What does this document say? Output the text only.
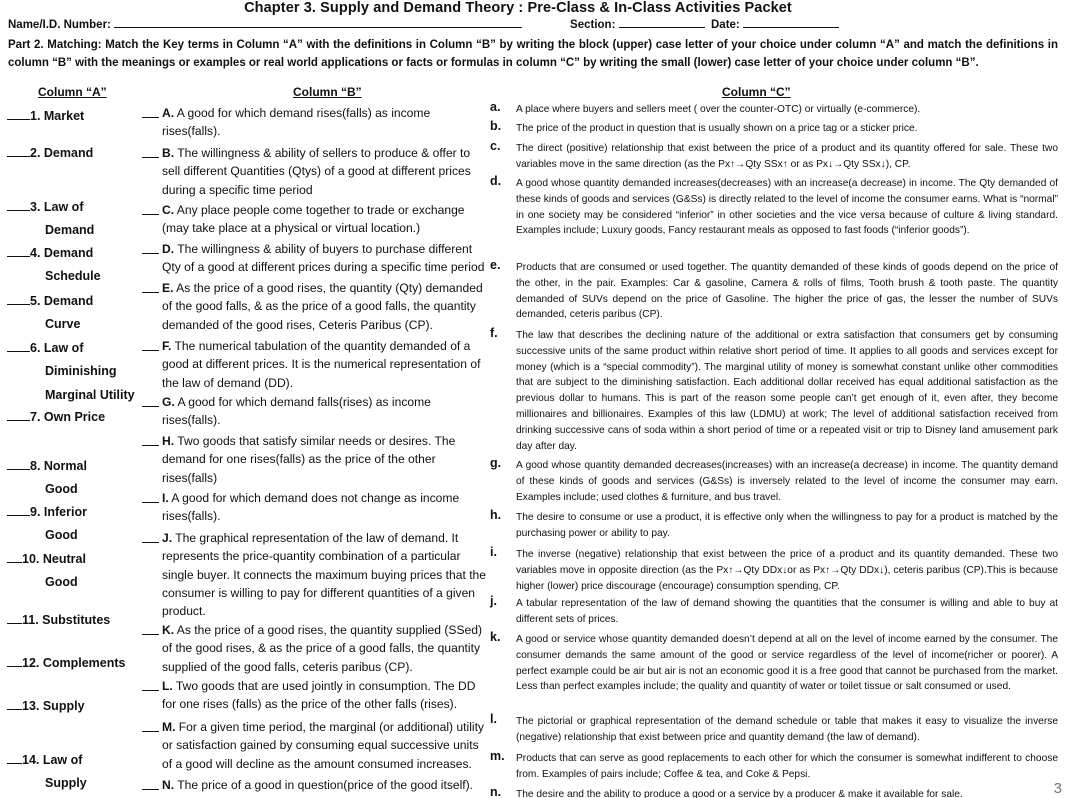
Chapter 3. Supply and Demand Theory : Pre-Class & In-Class Activities Packet
Name/I.D. Number:	Section:	Date:
Part 2. Matching: Match the Key terms in Column “A” with the definitions in Column “B” by writing the block (upper) case letter of your choice under column “A” and match the definitions in column “B” with the meanings or examples or real world applications or facts or formulas in column “C” by writing the small (lower) case letter of your choice under column “B”.
Column “A”	Column “B”	Column “C”
1. Market
2. Demand
3. Law of
Demand
4. Demand
Schedule
5. Demand
Curve
6. Law of
Diminishing
Marginal Utility
7. Own Price
8. Normal
Good
9. Inferior
Good
10. Neutral
Good
11. Substitutes
12. Complements
13. Supply
14. Law of
Supply
A. A good for which demand rises(falls) as income rises(falls).
B. The willingness & ability of sellers to produce & offer to sell different Quantities (Qtys) of a good at different prices during a specific time period
C. Any place people come together to trade or exchange (may take place at a physical or virtual location.)
D. The willingness & ability of buyers to purchase different Qty of a good at different prices during a specific time period
E. As the price of a good rises, the quantity (Qty) demanded of the good falls, & as the price of a good falls, the quantity demanded of the good rises, Ceteris Paribus (CP).
F. The numerical tabulation of the quantity demanded of a good at different prices. It is the numerical representation of the law of demand (DD).
G. A good for which demand falls(rises) as income rises(falls).
H. Two goods that satisfy similar needs or desires. The demand for one rises(falls) as the price of the other rises(falls)
I. A good for which demand does not change as income rises(falls).
J. The graphical representation of the law of demand. It represents the price-quantity combination of a particular single buyer. It connects the maximum buying prices that the consumer is willing to pay for different quantities of a given product.
K. As the price of a good rises, the quantity supplied (SSed) of the good rises, & as the price of a good falls, the quantity supplied of the good falls, ceteris paribus (CP).
L. Two goods that are used jointly in consumption. The DD for one rises (falls) as the price of the other falls (rises).
M. For a given time period, the marginal (or additional) utility or satisfaction gained by consuming equal successive units of a good will decline as the amount consumed increases.
N. The price of a good in question(price of the good itself).
a. A place where buyers and sellers meet ( over the counter-OTC) or virtually (e-commerce).
b. The price of the product in question that is usually shown on a price tag or a sticker price.
c. The direct (positive) relationship that exist between the price of a product and its quantity offered for sale. These two variables move in the same direction (as the Px↑→Qty SSx↑ or as Px↓→Qty SSx↓), CP.
d. A good whose quantity demanded increases(decreases) with an increase(a decrease) in income. The Qty demanded of these kinds of goods and services (G&Ss) is directly related to the level of income the consumer earns. What is “normal” in one society may be considered “inferior” in other societies and the vice versa because of culture & living standard. Examples include; Luxury goods, Fancy restaurant meals as opposed to fast foods (“inferior goods”).
e. Products that are consumed or used together. The quantity demanded of these kinds of goods depend on the price of the other, in the pair. Examples: Car & gasoline, Camera & rolls of films, Tooth brush & tooth paste. The quantity demanded of SUVs depend on the price of Gasoline. The higher the price of gas, the lesser the number of SUVs demanded, ceteris paribus (CP).
f. The law that describes the declining nature of the additional or extra satisfaction that consumers get by consuming successive units of the same product within relative short period of time. It applies to all goods and services except for money (which is a “special commodity”). The marginal utility of money is somewhat constant unlike other commodities that are subject to the diminishing satisfaction. Each additional dollar received has equal additional satisfaction as the previous dollar to humans. This is part of the reason some people can’t get enough of it, even after, they become millionaires and billionaires. Examples of this law (LDMU) at work; The level of additional satisfaction received from drinking successive cans of soda within a short period of time or a repeated visit or trip to Disney land amusement park day after day.
g. A good whose quantity demanded decreases(increases) with an increase(a decrease) in income. The quantity demand of these kinds of goods and services (G&Ss) is inversely related to the level of income the consumer may earn. Examples include; used clothes & furniture, and bus travel.
h. The desire to consume or use a product, it is effective only when the willingness to pay for a product is matched by the purchasing power or ability to pay.
i. The inverse (negative) relationship that exist between the price of a product and its quantity demanded. These two variables move in opposite direction (as the Px↑→Qty DDx↓or as Px↑→Qty DDx↓), ceteris paribus (CP).This is because higher (lower) price discourage (encourage) consumption spending, CP.
j. A tabular representation of the law of demand showing the quantities that the consumer is willing and able to buy at different sets of prices.
k. A good or service whose quantity demanded doesn’t depend at all on the level of income earned by the consumer. The consumer demands the same amount of the good or service regardless of the level of income(richer or poorer). A perfect example could be air but air is not an economic good it is a free good that cannot be purchased from the market. Less than perfect examples include; the quality and quantity of water or toilet tissue or salt consumed or used.
l. The pictorial or graphical representation of the demand schedule or table that makes it easy to visualize the inverse (negative) relationship that exist between price and quantity demand (the law of demand).
m. Products that can serve as good replacements to each other for which the consumer is somewhat indifferent to choose from. Examples of pairs include; Coffee & tea, and Coke & Pepsi.
n. The desire and the ability to produce a good or a service by a producer & make it available for sale.	3
